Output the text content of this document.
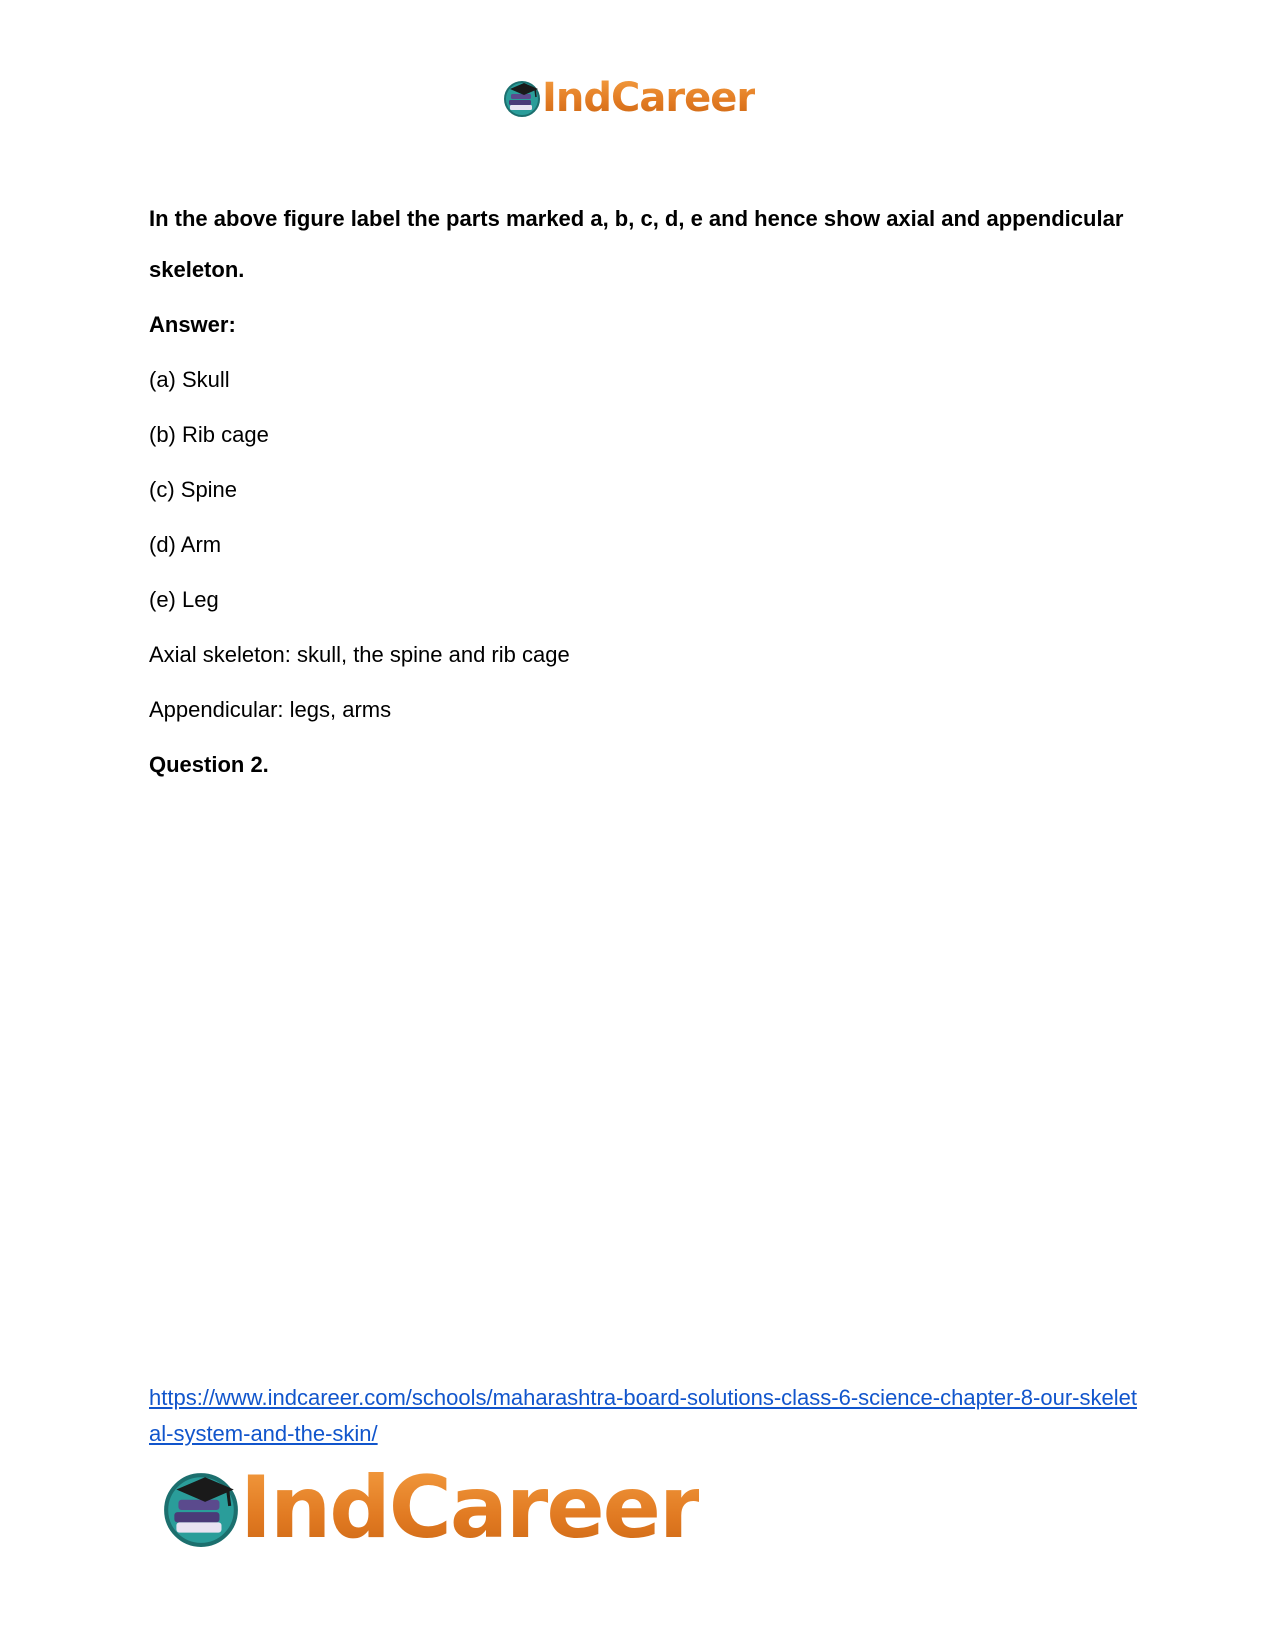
IndCareer

In the above figure label the parts marked a, b, c, d, e and hence show axial and appendicular

skeleton.

Answer:

(a) Skull

(b) Rib cage

(c) Spine

(d) Arm

(e) Leg

Axial skeleton: skull, the spine and rib cage

Appendicular: legs, arms

Question 2.

https://www.indcareer.com/schools/maharashtra-board-solutions-class-6-science-chapter-8-our-skeletal-system-and-the-skin/
IndCareer
